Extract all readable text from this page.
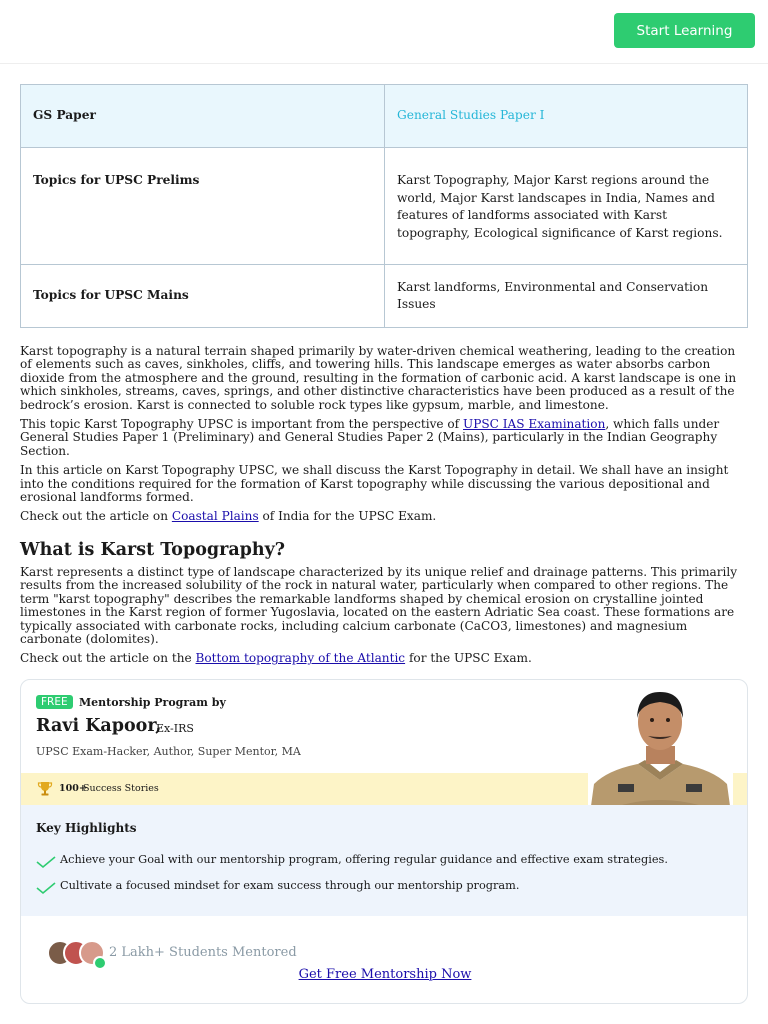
Start Learning
GS Paper	General Studies Paper I
Topics for UPSC Prelims	Karst Topography, Major Karst regions around the world, Major Karst landscapes in India, Names and features of landforms associated with Karst topography, Ecological significance of Karst regions.
Topics for UPSC Mains	Karst landforms, Environmental and Conservation Issues

Karst topography is a natural terrain shaped primarily by water-driven chemical weathering, leading to the creation of elements such as caves, sinkholes, cliffs, and towering hills. This landscape emerges as water absorbs carbon dioxide from the atmosphere and the ground, resulting in the formation of carbonic acid. A karst landscape is one in which sinkholes, streams, caves, springs, and other distinctive characteristics have been produced as a result of the bedrock’s erosion. Karst is connected to soluble rock types like gypsum, marble, and limestone.

This topic Karst Topography UPSC is important from the perspective of UPSC IAS Examination, which falls under General Studies Paper 1 (Preliminary) and General Studies Paper 2 (Mains), particularly in the Indian Geography Section.

In this article on Karst Topography UPSC, we shall discuss the Karst Topography in detail. We shall have an insight into the conditions required for the formation of Karst topography while discussing the various depositional and erosional landforms formed.

Check out the article on Coastal Plains of India for the UPSC Exam.

What is Karst Topography?

Karst represents a distinct type of landscape characterized by its unique relief and drainage patterns. This primarily results from the increased solubility of the rock in natural water, particularly when compared to other regions. The term "karst topography" describes the remarkable landforms shaped by chemical erosion on crystalline jointed limestones in the Karst region of former Yugoslavia, located on the eastern Adriatic Sea coast. These formations are typically associated with carbonate rocks, including calcium carbonate (CaCO3, limestones) and magnesium carbonate (dolomites).

Check out the article on the Bottom topography of the Atlantic for the UPSC Exam.

FREE	Mentorship Program by
Ravi Kapoor,
Ex-IRS
UPSC Exam-Hacker, Author, Super Mentor, MA
100+
Success Stories
Key Highlights
Achieve your Goal with our mentorship program, offering regular guidance and effective exam strategies.
Cultivate a focused mindset for exam success through our mentorship program.
2 Lakh+ Students Mentored
Get Free Mentorship Now
